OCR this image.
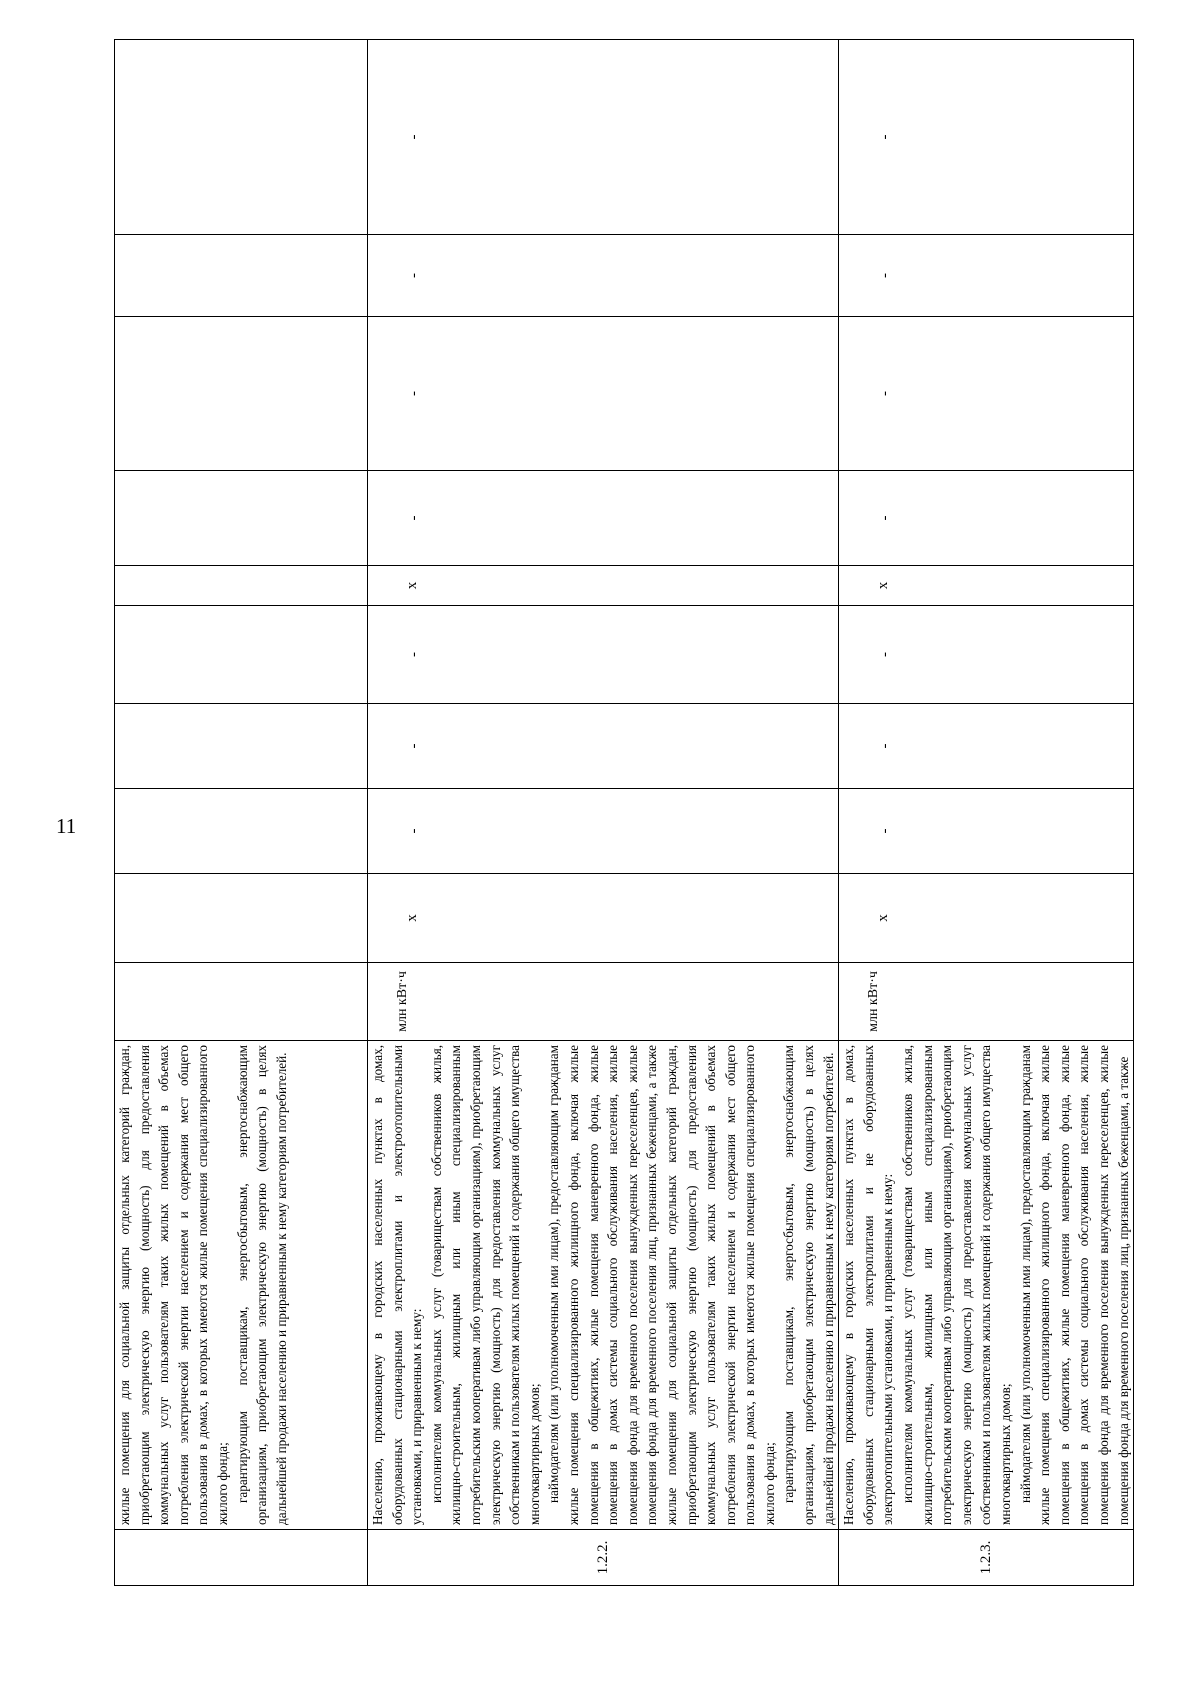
11

	жилые помещения для социальной защиты отдельных категорий граждан, приобретающим электрическую энергию (мощность) для предоставления коммунальных услуг пользователям таких жилых помещений в объемах потребления электрической энергии населением и содержания мест общего пользования в домах, в которых имеются жилые помещения специализированного жилого фонда; гарантирующим поставщикам, энергосбытовым, энергоснабжающим организациям, приобретающим электрическую энергию (мощность) в целях дальнейшей продажи населению и приравненным к нему категориям потребителей.										

1.2.2.	Населению, проживающему в городских населенных пунктах в домах, оборудованных стационарными электроплитами и электроотопительными установками, и приравненным к нему: исполнителям коммунальных услуг (товариществам собственников жилья, жилищно-строительным, жилищным или иным специализированным потребительским кооперативам либо управляющим организациям), приобретающим электрическую энергию (мощность) для предоставления коммунальных услуг собственникам и пользователям жилых помещений и содержания общего имущества многоквартирных домов; наймодателям (или уполномоченным ими лицам), предоставляющим гражданам жилые помещения специализированного жилищного фонда, включая жилые помещения в общежитиях, жилые помещения маневренного фонда, жилые помещения в домах системы социального обслуживания населения, жилые помещения фонда для временного поселения вынужденных переселенцев, жилые помещения фонда для временного поселения лиц, признанных беженцами, а также жилые помещения для социальной защиты отдельных категорий граждан, приобретающим электрическую энергию (мощность) для предоставления коммунальных услуг пользователям таких жилых помещений в объемах потребления электрической энергии населением и содержания мест общего пользования в домах, в которых имеются жилые помещения специализированного жилого фонда; гарантирующим поставщикам, энергосбытовым, энергоснабжающим организациям, приобретающим электрическую энергию (мощность) в целях дальнейшей продажи населению и приравненным к нему категориям потребителей.	млн кВт·ч	x	-	-	-	x	-	-	-	-
1.2.3.	Населению, проживающему в городских населенных пунктах в домах, оборудованных стационарными электроплитами и не оборудованных электроотопительными установками, и приравненным к нему: исполнителям коммунальных услуг (товариществам собственников жилья, жилищно-строительным, жилищным или иным специализированным потребительским кооперативам либо управляющим организациям), приобретающим электрическую энергию (мощность) для предоставления коммунальных услуг собственникам и пользователям жилых помещений и содержания общего имущества многоквартирных домов; наймодателям (или уполномоченным ими лицам), предоставляющим гражданам жилые помещения специализированного жилищного фонда, включая жилые помещения в общежитиях, жилые помещения маневренного фонда, жилые помещения в домах системы социального обслуживания населения, жилые помещения фонда для временного поселения вынужденных переселенцев, жилые помещения фонда для временного поселения лиц, признанных беженцами, а также	млн кВт·ч	x	-	-	-	x	-	-	-	-
